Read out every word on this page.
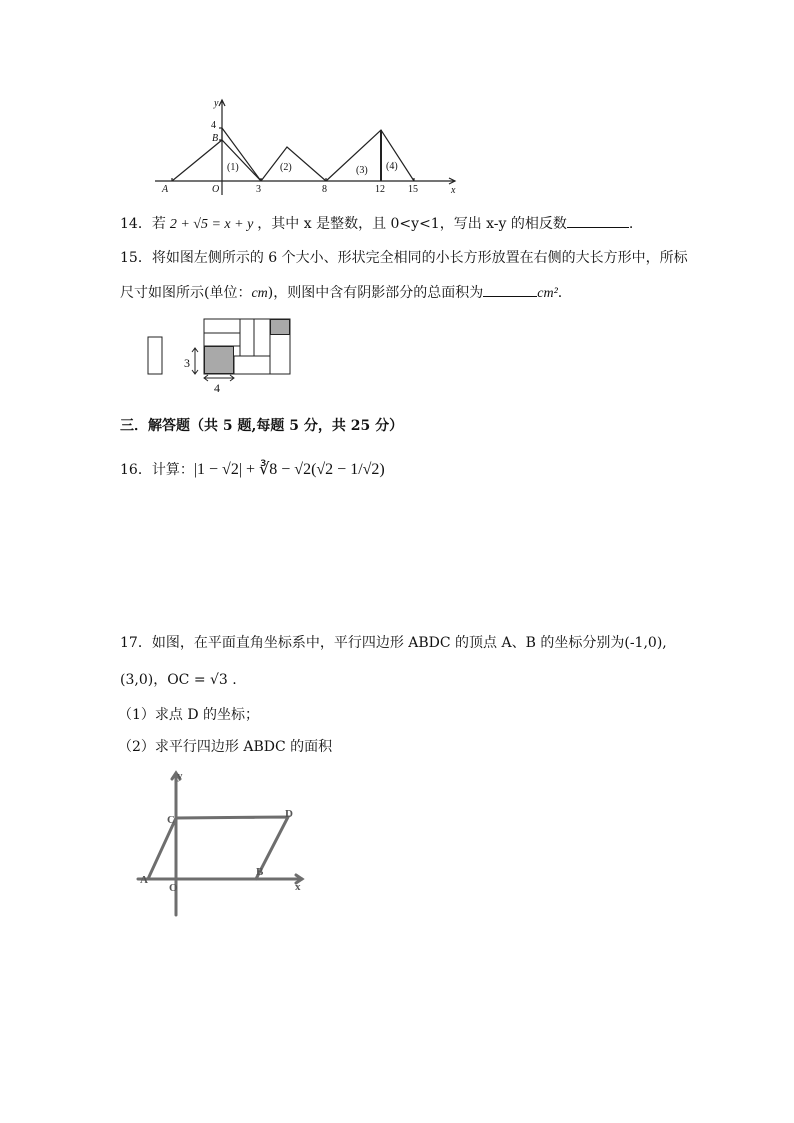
y
x
4
B
A	O	3	8	12 15
(1)	(2)	(3) (4)
14．若 2 + √5 = x + y ，其中 x 是整数，且 0<y<1，写出 x-y 的相反数	.
15．将如图左侧所示的 6 个大小、形状完全相同的小长方形放置在右侧的大长方形中，所标
尺寸如图所示(单位：cm)，则图中含有阴影部分的总面积为	cm².
3
4
三．解答题（共 5 题,每题 5 分，共 25 分）
16．计算：|1 − √2| + ∛8 − √2(√2 − 1/√2)
17．如图，在平面直角坐标系中，平行四边形 ABDC 的顶点 A、B 的坐标分别为(-1,0),
(3,0)，OC = √3 .
（1）求点 D 的坐标；
（2）求平行四边形 ABDC 的面积
y
x
C	D
A
O
B
